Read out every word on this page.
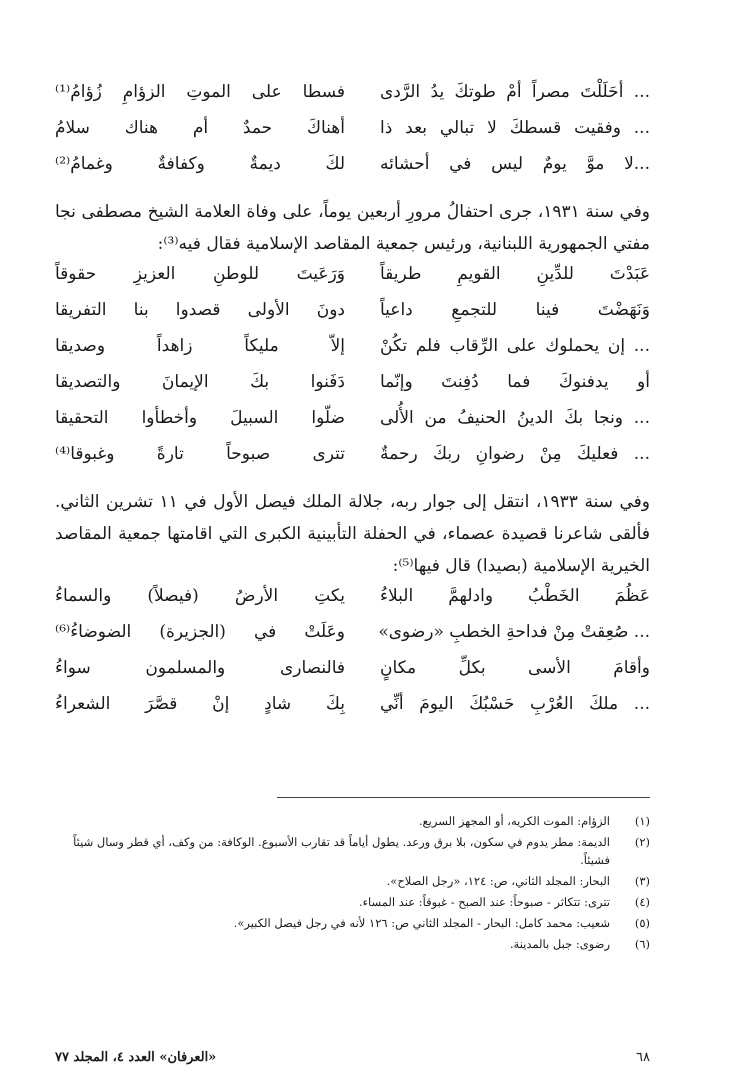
... أحَلَلْتَ مصراً أمْ طوتكَ يدُ الرَّدى
فسطا على الموتِ الزؤامِ زُؤامُ⁽¹⁾
... وفقيت قسطكَ لا تبالي بعد ذا
أهناكَ حمدٌ أم هناك سلامُ
...لا موَّ يومٌ ليس في أحشائه
لكَ ديمةٌ وكفافةٌ وغمامُ⁽²⁾

وفي سنة ١٩٣١، جرى احتفالُ مرورِ أربعين يوماً، على وفاة العلامة الشيخ مصطفى نجا مفتي الجمهورية اللبنانية، ورئيس جمعية المقاصد الإسلامية فقال فيه⁽³⁾:

عَبَدْتَ للدِّينِ القويمِ طريقاً
وَرَعَيتَ للوطنِ العزيزِ حقوقاً
وَنَهَضْتَ فينا للتجمعِ داعياً
دونَ الأولى قصدوا بنا التفريقا
... إن يحملوك على الرِّقاب فلم تكُنْ
إلاّ مليكاً زاهداً وصديقا
أو يدفنوكَ فما دُفِنتَ وإنّما
دَفَنوا بكَ الإيمانَ والتصديقا
... ونجا بكَ الدينُ الحنيفُ من الأُلى
ضلّوا السبيلَ وأخطأوا التحقيقا
... فعليكَ مِنْ رضوانِ ربكَ رحمةٌ
تترى صبوحاً تارةً وغبوقا⁽⁴⁾

وفي سنة ١٩٣٣، انتقل إلى جوار ربه، جلالة الملك فيصل الأول في ١١ تشرين الثاني. فألقى شاعرنا قصيدة عصماء، في الحفلة التأبينية الكبرى التي اقامتها جمعية المقاصد الخيرية الإسلامية (بصيدا) قال فيها⁽⁵⁾:

عَظُمَ الخَطْبُ وادلهمَّ البلاءُ
يكتِ الأرضُ (فيصلاً) والسماءُ
... صُعِقتْ مِنْ فداحةِ الخطبِ «رضوى»
وعَلَتْ في (الجزيرة) الضوضاءُ⁽⁶⁾
وأقامَ الأسى بكلِّ مكانٍ
فالنصارى والمسلمون سواءُ
... ملكَ العُرْبِ حَسْبُكَ اليومَ أنِّي
بِكَ شادٍ إنْ قصَّرَ الشعراءُ
(١)
الزؤام: الموت الكريه، أو المجهز السريع.
(٢)
الديمة: مطر يدوم في سكون، بلا برق ورعد. يطول أياماً قد تقارب الأسبوع. الوكافة: من وكف، أي قطر وسال شيئاً فشيئاً.
(٣)
البحار: المجلد الثاني، ص: ١٢٤، «رجل الصلاح».
(٤)
تترى: تتكاثر - صبوحاً: عند الصبح - غبوقاً: عند المساء.
(٥)
شعيب: محمد كامل: البحار - المجلد الثاني ص: ١٢٦ لأنه في رجل فيصل الكبير».
(٦)
رضوى: جبل بالمدينة.
٦٨
«العرفان» العدد ٤، المجلد ٧٧
